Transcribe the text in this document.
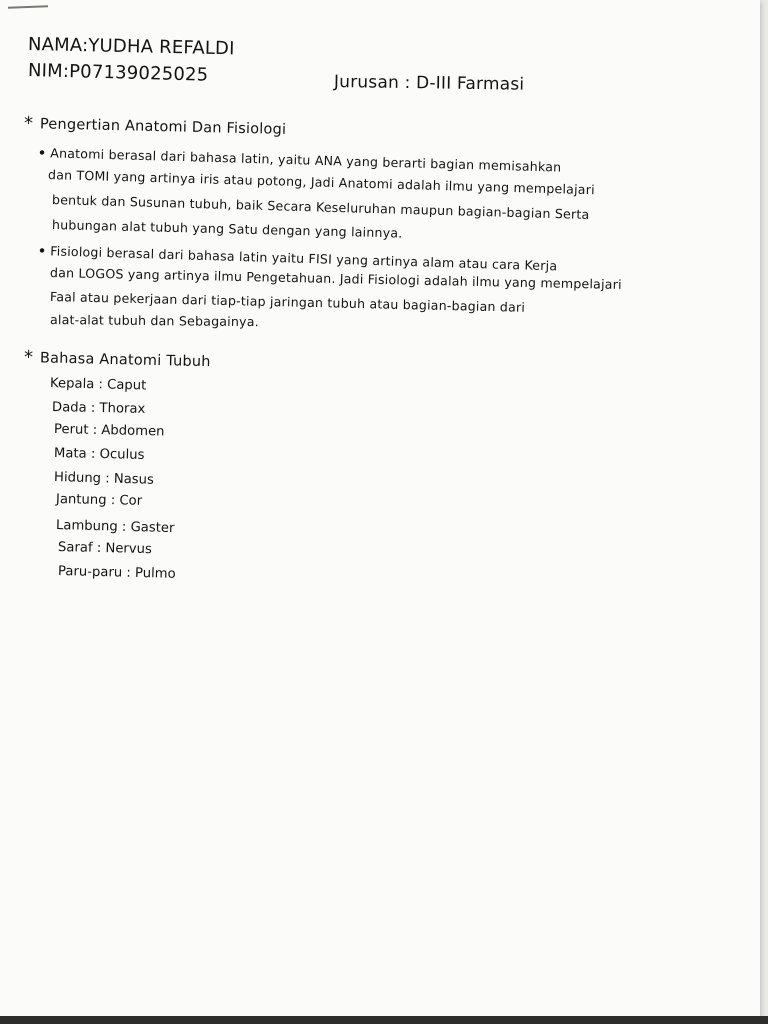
NAMA:YUDHA REFALDI
NIM:P07139025025	Jurusan : D-III Farmasi
* Pengertian Anatomi Dan Fisiologi
• Anatomi berasal dari bahasa latin, yaitu ANA yang berarti bagian memisahkan
dan TOMI yang artinya iris atau potong, Jadi Anatomi adalah ilmu yang mempelajari
bentuk dan Susunan tubuh, baik Secara Keseluruhan maupun bagian-bagian Serta
hubungan alat tubuh yang Satu dengan yang lainnya.
• Fisiologi berasal dari bahasa latin yaitu FISI yang artinya alam atau cara Kerja
dan LOGOS yang artinya ilmu Pengetahuan. Jadi Fisiologi adalah ilmu yang mempelajari
Faal atau pekerjaan dari tiap-tiap jaringan tubuh atau bagian-bagian dari
alat-alat tubuh dan Sebagainya.
* Bahasa Anatomi Tubuh
Kepala : Caput
Dada : Thorax
Perut : Abdomen
Mata : Oculus
Hidung : Nasus
Jantung : Cor
Lambung : Gaster
Saraf : Nervus
Paru-paru : Pulmo
